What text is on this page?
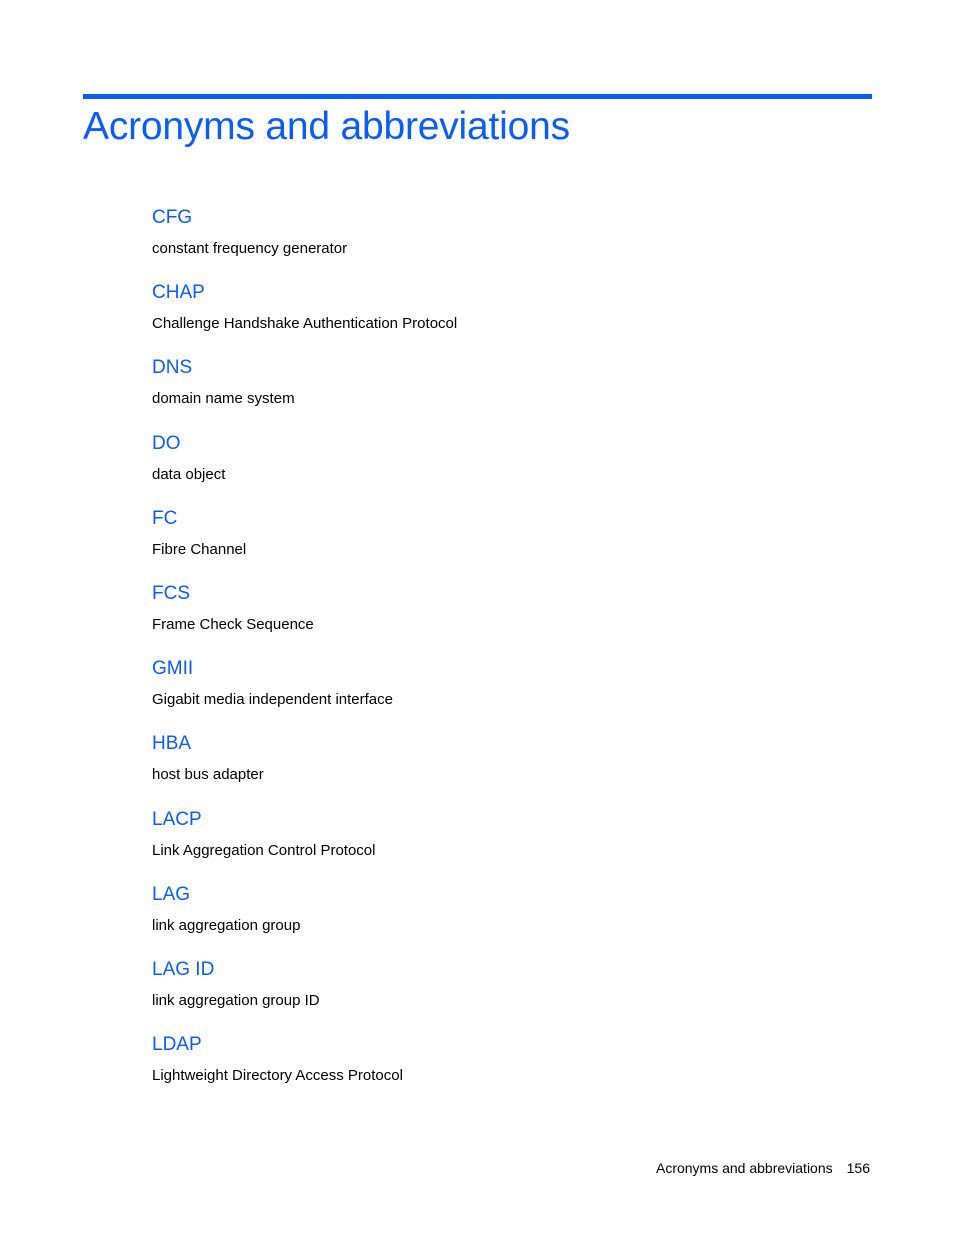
Acronyms and abbreviations
CFG
constant frequency generator
CHAP
Challenge Handshake Authentication Protocol
DNS
domain name system
DO
data object
FC
Fibre Channel
FCS
Frame Check Sequence
GMII
Gigabit media independent interface
HBA
host bus adapter
LACP
Link Aggregation Control Protocol
LAG
link aggregation group
LAG ID
link aggregation group ID
LDAP
Lightweight Directory Access Protocol
Acronyms and abbreviations 156
